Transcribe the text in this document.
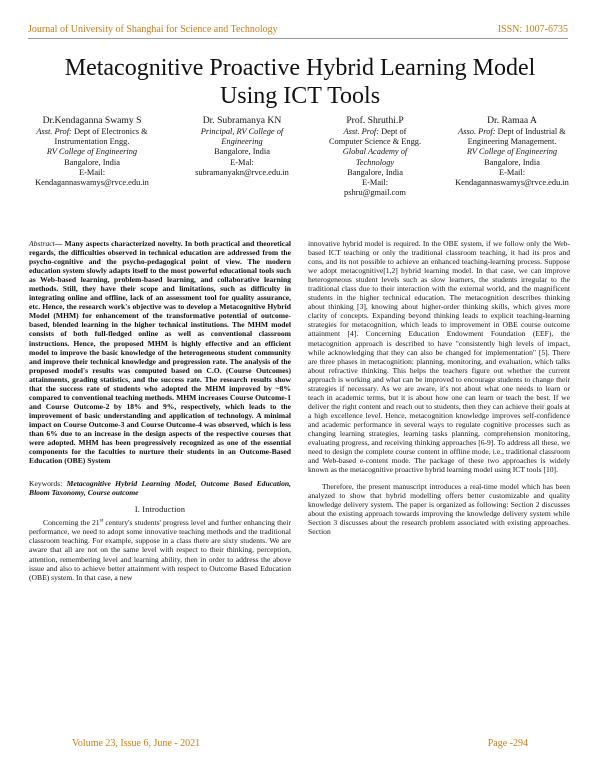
Journal of University of Shanghai for Science and Technology	ISSN: 1007-6735
Metacognitive Proactive Hybrid Learning Model Using ICT Tools
Dr.Kendaganna Swamy S
Asst. Prof: Dept of Electronics & Instrumentation Engg.
RV College of Engineering
Bangalore, India
E-Mail:
Kendagannaswamys@rvce.edu.in
Dr. Subramanya KN
Principal, RV College of Engineering
Bangalore, India
E-Mal:
subramanyakn@rvce.edu.in
Prof. Shruthi.P
Asst. Prof: Dept of Computer Science & Engg.
Global Academy of Technology
Bangalore, India
E-Mail:
pshru@gmail.com
Dr. Ramaa A
Asso. Prof: Dept of Industrial & Engineering Management.
RV College of Engineering
Bangalore, India
E-Mail:
Kendagannaswamys@rvce.edu.in

Abstract— Many aspects characterized novelty. In both practical and theoretical regards, the difficulties observed in technical education are addressed from the psycho-cognitive and the psycho-pedagogical point of view. The modern education system slowly adapts itself to the most powerful educational tools such as Web-based learning, problem-based learning, and collaborative learning methods. Still, they have their scope and limitations, such as difficulty in integrating online and offline, lack of an assessment tool for quality assurance, etc. Hence, the research work's objective was to develop a Metacognitive Hybrid Model (MHM) for enhancement of the transformative potential of outcome-based, blended learning in the higher technical institutions. The MHM model consists of both full-fledged online as well as conventional classroom instructions. Hence, the proposed MHM is highly effective and an efficient model to improve the basic knowledge of the heterogeneous student community and improve their technical knowledge and progression rate. The analysis of the proposed model's results was computed based on C.O. (Course Outcomes) attainments, grading statistics, and the success rate. The research results show that the success rate of students who adopted the MHM improved by ~8% compared to conventional teaching methods. MHM increases Course Outcome-1 and Course Outcome-2 by 18% and 9%, respectively, which leads to the improvement of basic understanding and application of technology. A minimal impact on Course Outcome-3 and Course Outcome-4 was observed, which is less than 6% due to an increase in the design aspects of the respective courses that were adopted. MHM has been progressively recognized as one of the essential components for the faculties to nurture their students in an Outcome-Based Education (OBE) System

Keywords: Metacognitive Hybrid Learning Model, Outcome Based Education, Bloom Taxonomy, Course outcome

I. Introduction

Concerning the 21st century's students' progress level and further enhancing their performance, we need to adopt some innovative teaching methods and the traditional classroom teaching. For example, suppose in a class there are sixty students. We are aware that all are not on the same level with respect to their thinking, perception, attention, remembering level and learning ability, then in order to address the above issue and also to achieve better attainment with respect to Outcome Based Education (OBE) system. In that case, a new

innovative hybrid model is required. In the OBE system, if we follow only the Web-based ICT teaching or only the traditional classroom teaching, it had its pros and cons, and its not possible to achieve an enhanced teaching-learning process. Suppose we adopt metacognitive[1,2] hybrid learning model. In that case, we can improve heterogeneous student levels such as slow learners, the students irregular to the traditional class due to their interaction with the external world, and the magnificent students in the higher technical education. The metacognition describes thinking about thinking [3], knowing about higher-order thinking skills, which gives more clarity of concepts. Expanding beyond thinking leads to explicit teaching-learning strategies for metacognition, which leads to improvement in OBE course outcome attainment [4]. Concerning Education Endowment Foundation (EEF), the metacognition approach is described to have "consistently high levels of impact, while acknowledging that they can also be changed for implementation" [5]. There are three phases in metacognition: planning, monitoring, and evaluation, which talks about refractive thinking. This helps the teachers figure out whether the current approach is working and what can be improved to encourage students to change their strategies if necessary. As we are aware, it's not about what one needs to learn or teach in academic terms, but it is about how one can learn or teach the best. If we deliver the right content and reach out to students, then they can achieve their goals at a high excellence level. Hence, metacognition knowledge improves self-confidence and academic performance in several ways to regulate cognitive processes such as changing learning strategies, learning tasks planning, comprehension monitoring, evaluating progress, and receiving thinking approaches [6-9]. To address all these, we need to design the complete course content in offline mode, i.e., traditional classroom and Web-based e-content mode. The package of these two approaches is widely known as the metacognitive proactive hybrid learning model using ICT tools [10].

Therefore, the present manuscript introduces a real-time model which has been analyzed to show that hybrid modelling offers better customizable and quality knowledge delivery system. The paper is organized as following: Section 2 discusses about the existing approach towards improving the knowledge delivery system while Section 3 discusses about the research problem associated with existing approaches. Section

Volume 23, Issue 6, June - 2021	Page -294
